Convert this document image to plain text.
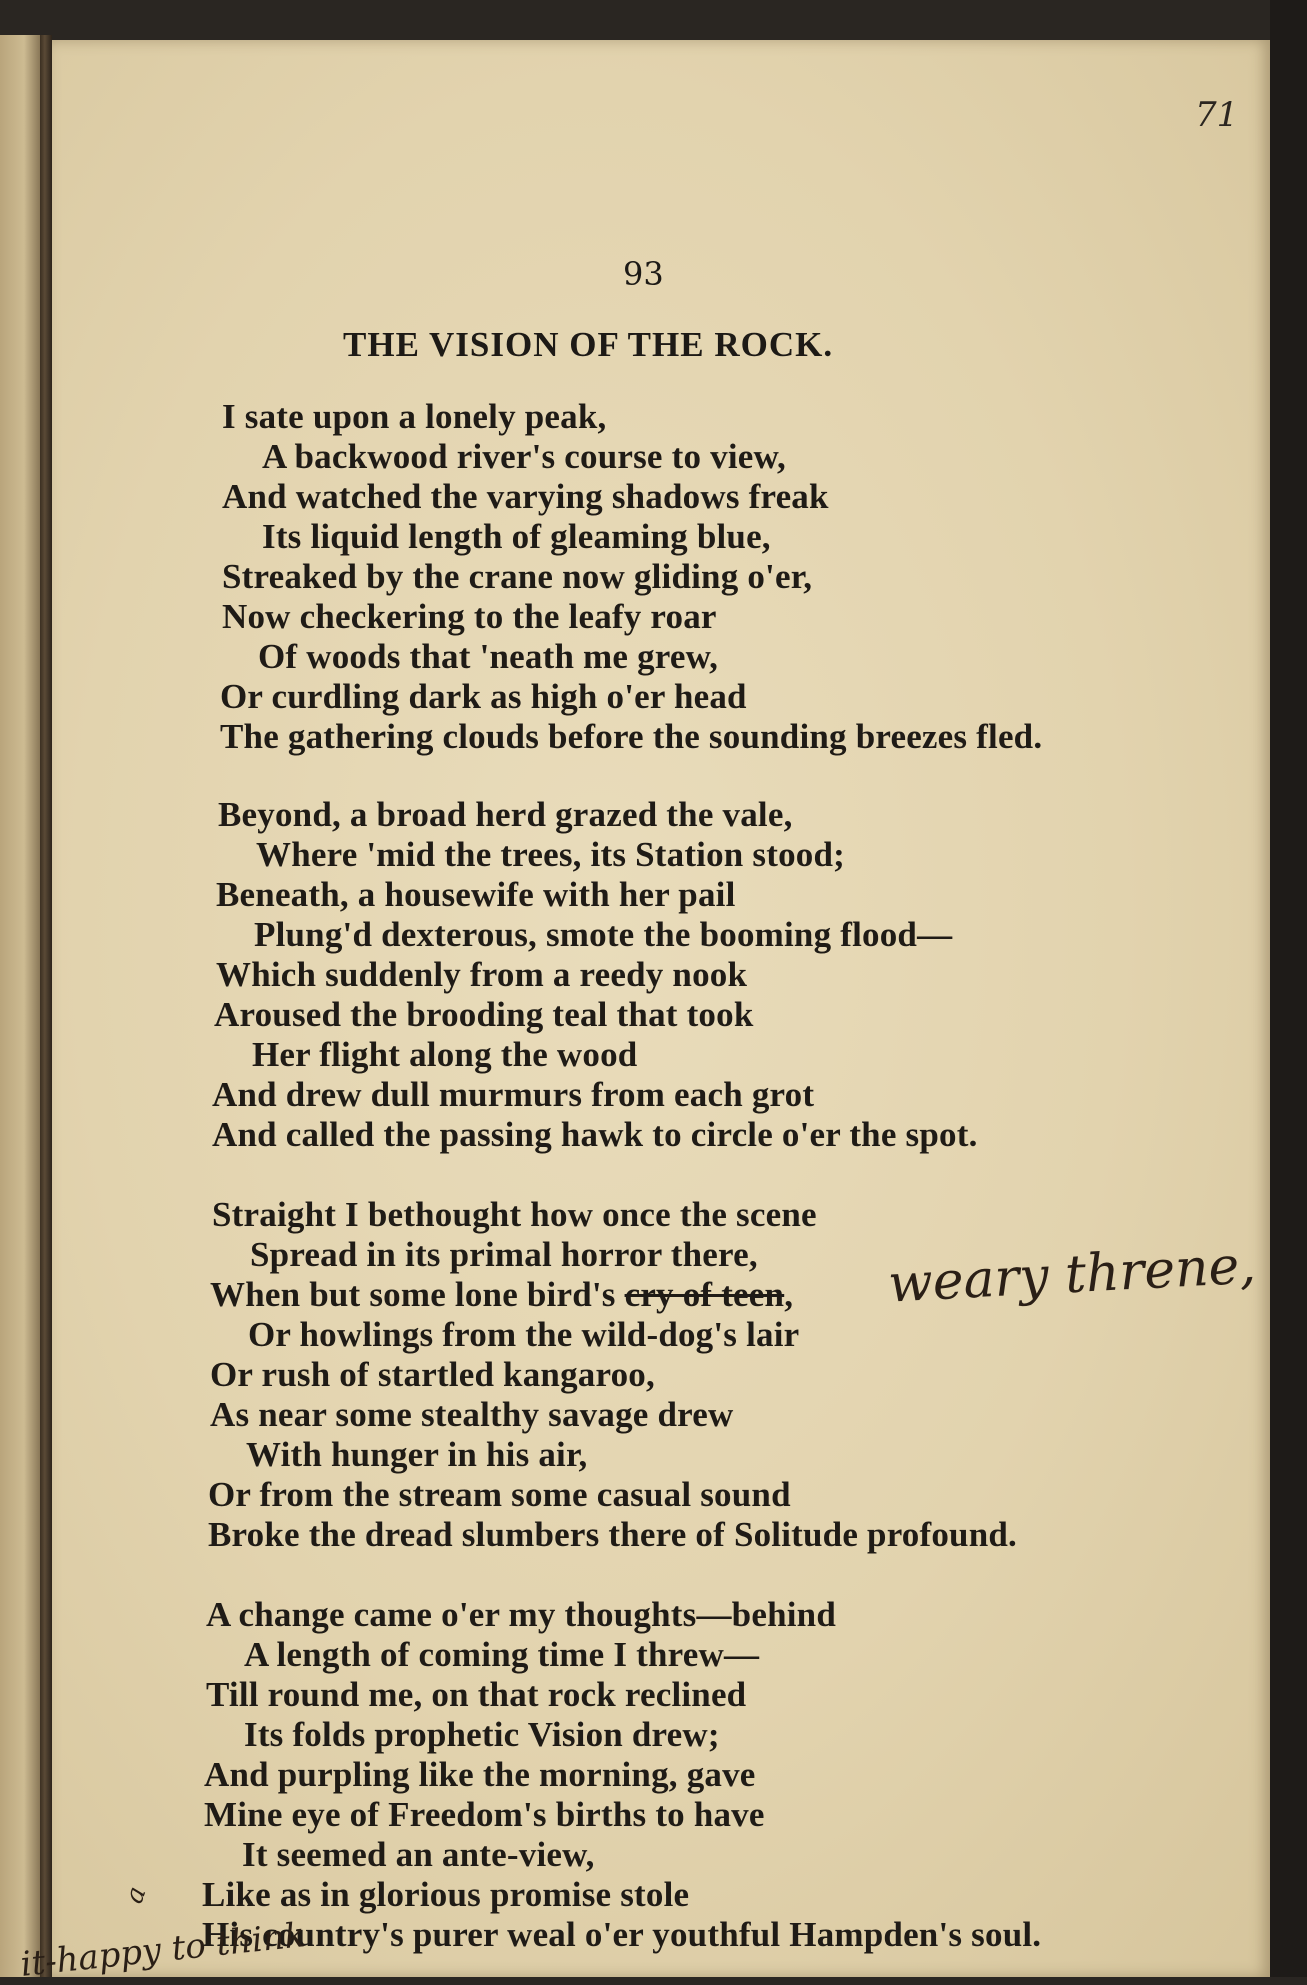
71
93
THE VISION OF THE ROCK.
I sate upon a lonely peak,
A backwood river's course to view,
And watched the varying shadows freak
Its liquid length of gleaming blue,
Streaked by the crane now gliding o'er,
Now checkering to the leafy roar
Of woods that 'neath me grew,
Or curdling dark as high o'er head
The gathering clouds before the sounding breezes fled.
Beyond, a broad herd grazed the vale,
Where 'mid the trees, its Station stood;
Beneath, a housewife with her pail
Plung'd dexterous, smote the booming flood—
Which suddenly from a reedy nook
Aroused the brooding teal that took
Her flight along the wood
And drew dull murmurs from each grot
And called the passing hawk to circle o'er the spot.
Straight I bethought how once the scene
Spread in its primal horror there,
When but some lone bird's cry of teen, weary threne,
Or howlings from the wild-dog's lair
Or rush of startled kangaroo,
As near some stealthy savage drew
With hunger in his air,
Or from the stream some casual sound
Broke the dread slumbers there of Solitude profound.
A change came o'er my thoughts—behind
A length of coming time I threw—
Till round me, on that rock reclined
Its folds prophetic Vision drew;
And purpling like the morning, gave
Mine eye of Freedom's births to have
It seemed an ante-view,
Like as in glorious promise stole
His country's purer weal o'er youthful Hampden's soul.
it-happy to think
a
